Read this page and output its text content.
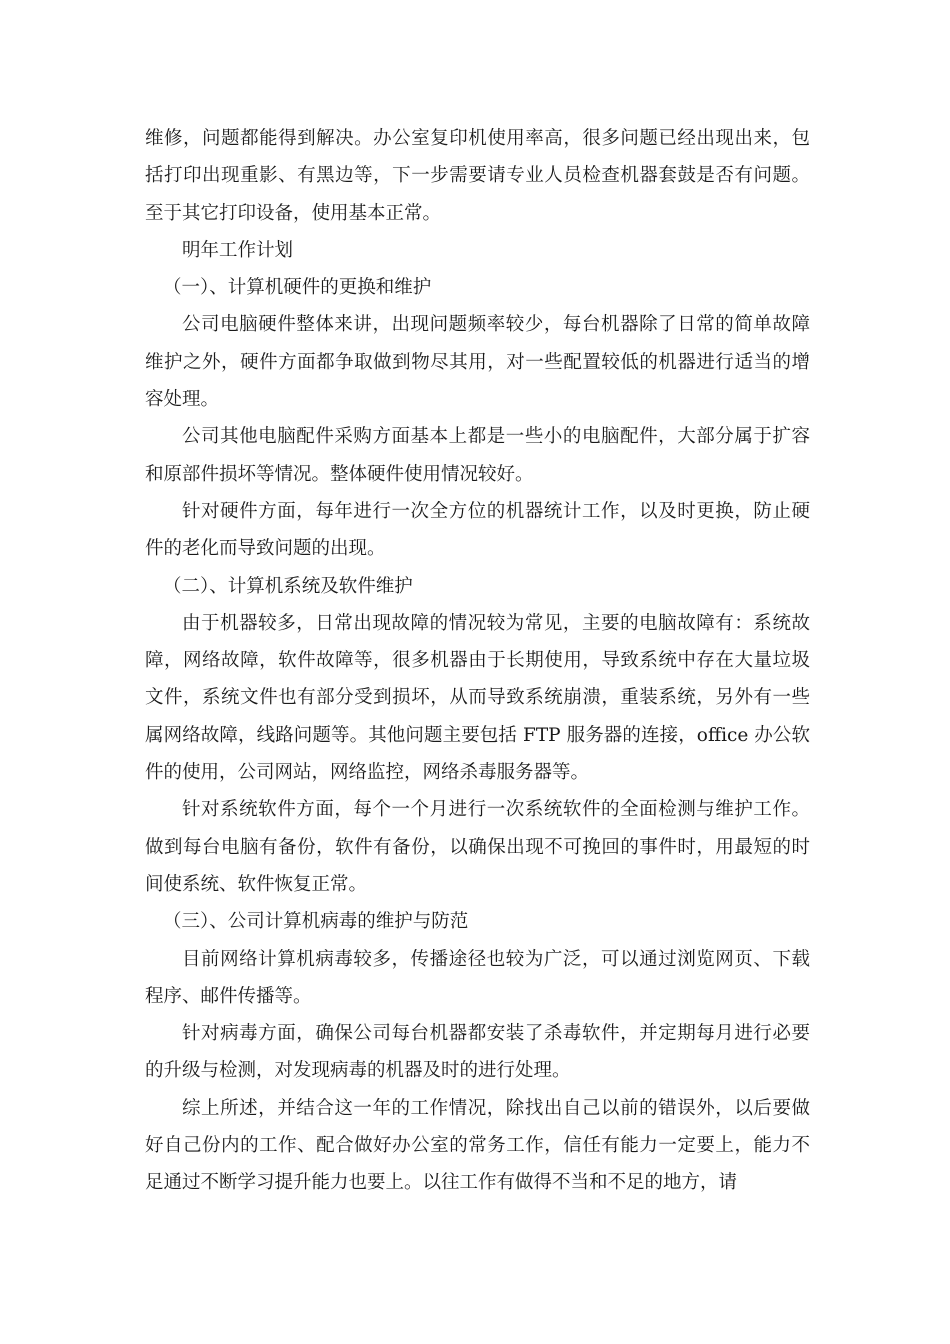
维修，问题都能得到解决。办公室复印机使用率高，很多问题已经出现出来，包括打印出现重影、有黑边等，下一步需要请专业人员检查机器套鼓是否有问题。至于其它打印设备，使用基本正常。

明年工作计划

（一）、计算机硬件的更换和维护

公司电脑硬件整体来讲，出现问题频率较少，每台机器除了日常的简单故障维护之外，硬件方面都争取做到物尽其用，对一些配置较低的机器进行适当的增容处理。

公司其他电脑配件采购方面基本上都是一些小的电脑配件，大部分属于扩容和原部件损坏等情况。整体硬件使用情况较好。

针对硬件方面，每年进行一次全方位的机器统计工作，以及时更换，防止硬件的老化而导致问题的出现。

（二）、计算机系统及软件维护

由于机器较多，日常出现故障的情况较为常见，主要的电脑故障有：系统故障，网络故障，软件故障等，很多机器由于长期使用，导致系统中存在大量垃圾文件，系统文件也有部分受到损坏，从而导致系统崩溃，重装系统，另外有一些属网络故障，线路问题等。其他问题主要包括 FTP 服务器的连接，office 办公软件的使用，公司网站，网络监控，网络杀毒服务器等。

针对系统软件方面，每个一个月进行一次系统软件的全面检测与维护工作。做到每台电脑有备份，软件有备份，以确保出现不可挽回的事件时，用最短的时间使系统、软件恢复正常。

（三）、公司计算机病毒的维护与防范

目前网络计算机病毒较多，传播途径也较为广泛，可以通过浏览网页、下载程序、邮件传播等。

针对病毒方面，确保公司每台机器都安装了杀毒软件，并定期每月进行必要的升级与检测，对发现病毒的机器及时的进行处理。

综上所述，并结合这一年的工作情况，除找出自己以前的错误外，以后要做好自己份内的工作、配合做好办公室的常务工作，信任有能力一定要上，能力不足通过不断学习提升能力也要上。以往工作有做得不当和不足的地方，请
